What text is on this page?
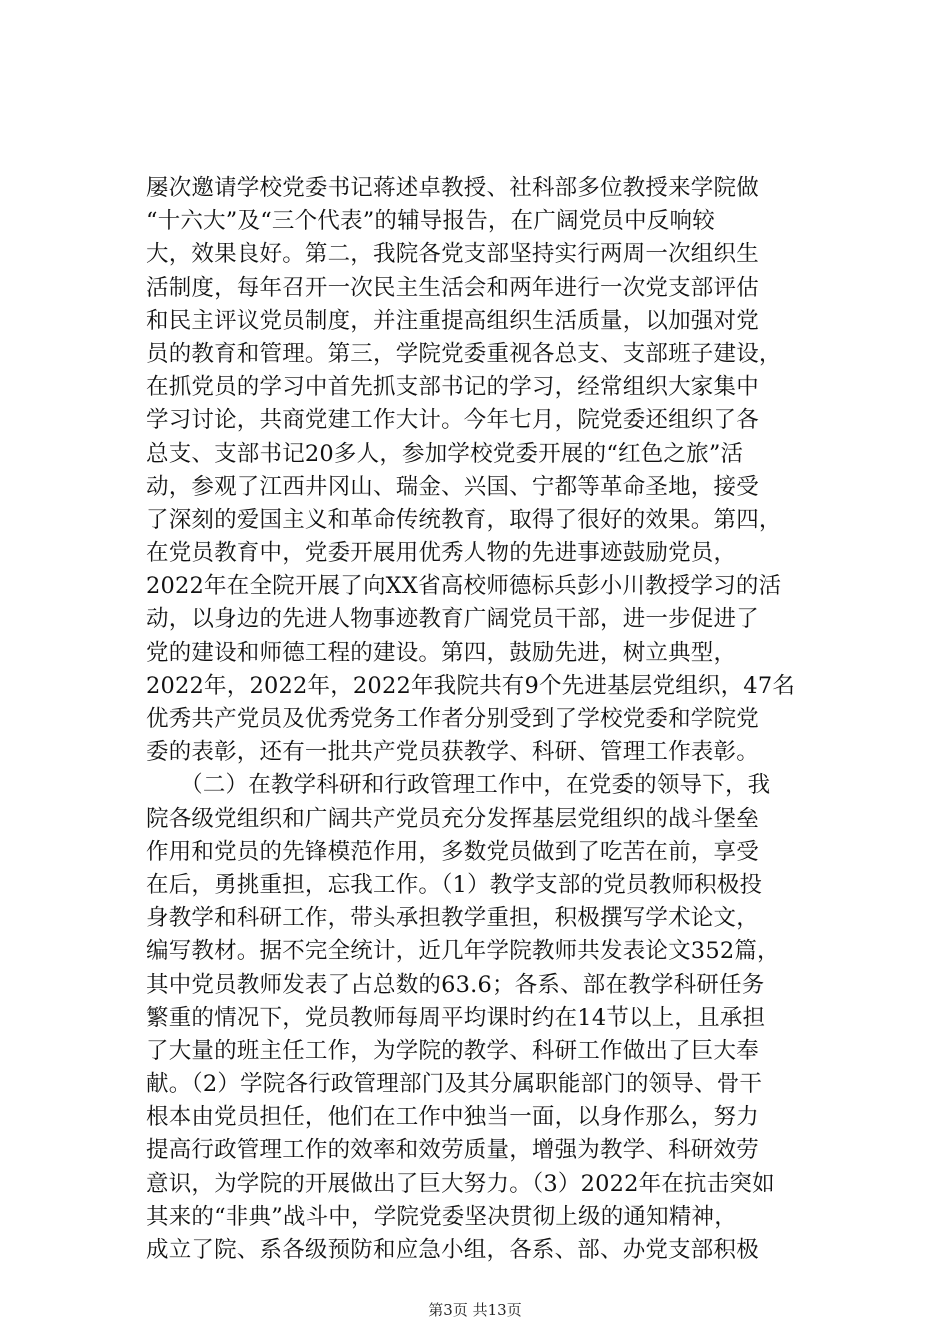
屡次邀请学校党委书记蒋述卓教授、社科部多位教授来学院做
“十六大”及“三个代表”的辅导报告，在广阔党员中反响较
大，效果良好。第二，我院各党支部坚持实行两周一次组织生
活制度，每年召开一次民主生活会和两年进行一次党支部评估
和民主评议党员制度，并注重提高组织生活质量，以加强对党
员的教育和管理。第三，学院党委重视各总支、支部班子建设，
在抓党员的学习中首先抓支部书记的学习，经常组织大家集中
学习讨论，共商党建工作大计。今年七月，院党委还组织了各
总支、支部书记20多人，参加学校党委开展的“红色之旅”活
动，参观了江西井冈山、瑞金、兴国、宁都等革命圣地，接受
了深刻的爱国主义和革命传统教育，取得了很好的效果。第四，
在党员教育中，党委开展用优秀人物的先进事迹鼓励党员，
2022年在全院开展了向XX省高校师德标兵彭小川教授学习的活
动，以身边的先进人物事迹教育广阔党员干部，进一步促进了
党的建设和师德工程的建设。第四，鼓励先进，树立典型，
2022年，2022年，2022年我院共有9个先进基层党组织，47名
优秀共产党员及优秀党务工作者分别受到了学校党委和学院党
委的表彰，还有一批共产党员获教学、科研、管理工作表彰。
　　（二）在教学科研和行政管理工作中，在党委的领导下，我
院各级党组织和广阔共产党员充分发挥基层党组织的战斗堡垒
作用和党员的先锋模范作用，多数党员做到了吃苦在前，享受
在后，勇挑重担，忘我工作。（1）教学支部的党员教师积极投
身教学和科研工作，带头承担教学重担，积极撰写学术论文，
编写教材。据不完全统计，近几年学院教师共发表论文352篇，
其中党员教师发表了占总数的63.6；各系、部在教学科研任务
繁重的情况下，党员教师每周平均课时约在14节以上，且承担
了大量的班主任工作，为学院的教学、科研工作做出了巨大奉
献。（2）学院各行政管理部门及其分属职能部门的领导、骨干
根本由党员担任，他们在工作中独当一面，以身作那么，努力
提高行政管理工作的效率和效劳质量，增强为教学、科研效劳
意识，为学院的开展做出了巨大努力。（3）2022年在抗击突如
其来的“非典”战斗中，学院党委坚决贯彻上级的通知精神，
成立了院、系各级预防和应急小组，各系、部、办党支部积极
第3页 共13页
